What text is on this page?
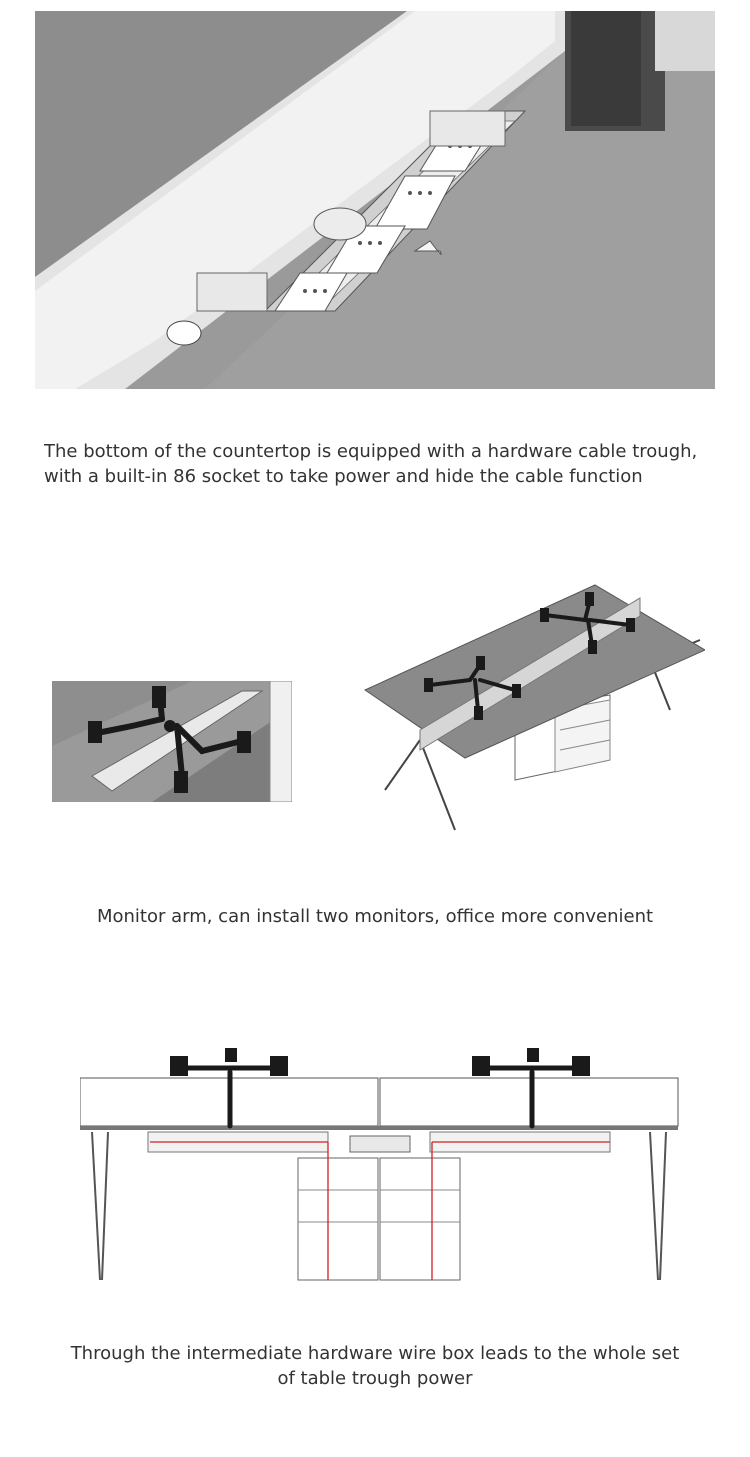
The bottom of the countertop is equipped with a hardware cable trough, with a built-in 86 socket to take power and hide the cable function

Monitor arm, can install two monitors, office more convenient

Through the intermediate hardware wire box leads to the whole set of table trough power
